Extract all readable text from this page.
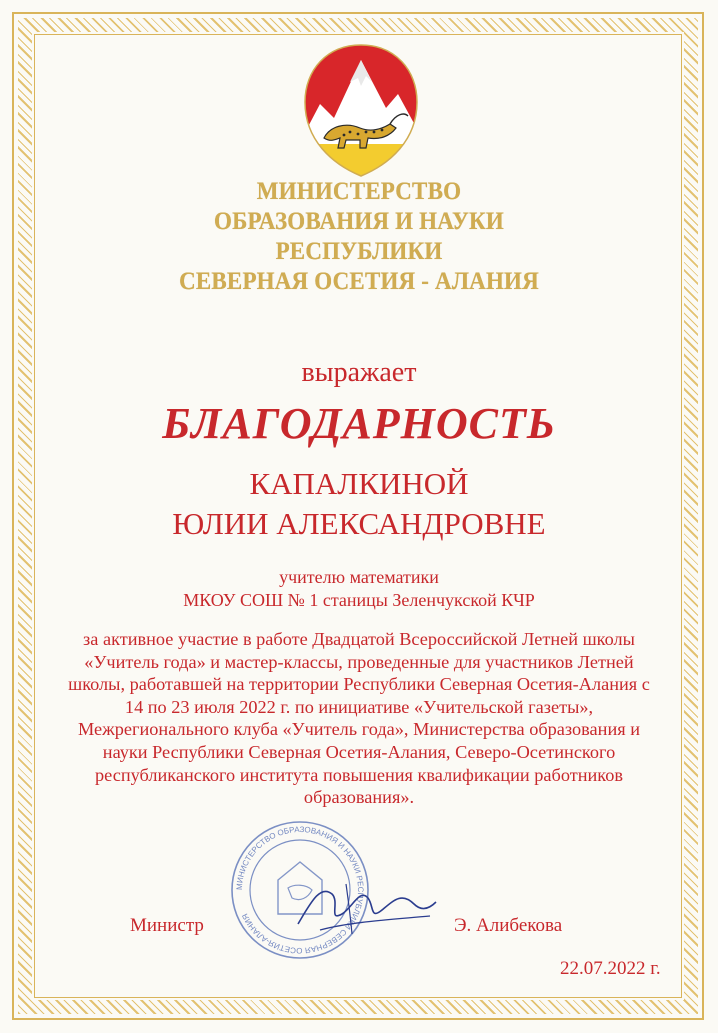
МИНИСТЕРСТВО
ОБРАЗОВАНИЯ И НАУКИ
РЕСПУБЛИКИ
СЕВЕРНАЯ ОСЕТИЯ - АЛАНИЯ
выражает
БЛАГОДАРНОСТЬ
КАПАЛКИНОЙ
ЮЛИИ АЛЕКСАНДРОВНЕ
учителю математики
МКОУ СОШ № 1 станицы Зеленчукской КЧР
за активное участие в работе Двадцатой Всероссийской Летней школы «Учитель года» и мастер-классы, проведенные для участников Летней школы, работавшей на территории Республики Северная Осетия-Алания с 14 по 23 июля 2022 г. по инициативе «Учительской газеты», Межрегионального клуба «Учитель года», Министерства образования и науки Республики Северная Осетия-Алания, Северо-Осетинского республиканского института повышения квалификации работников образования».
МИНИСТЕРСТВО ОБРАЗОВАНИЯ И НАУКИ РЕСПУБЛИКИ СЕВЕРНАЯ ОСЕТИЯ-АЛАНИЯ
Министр	Э. Алибекова
22.07.2022 г.
